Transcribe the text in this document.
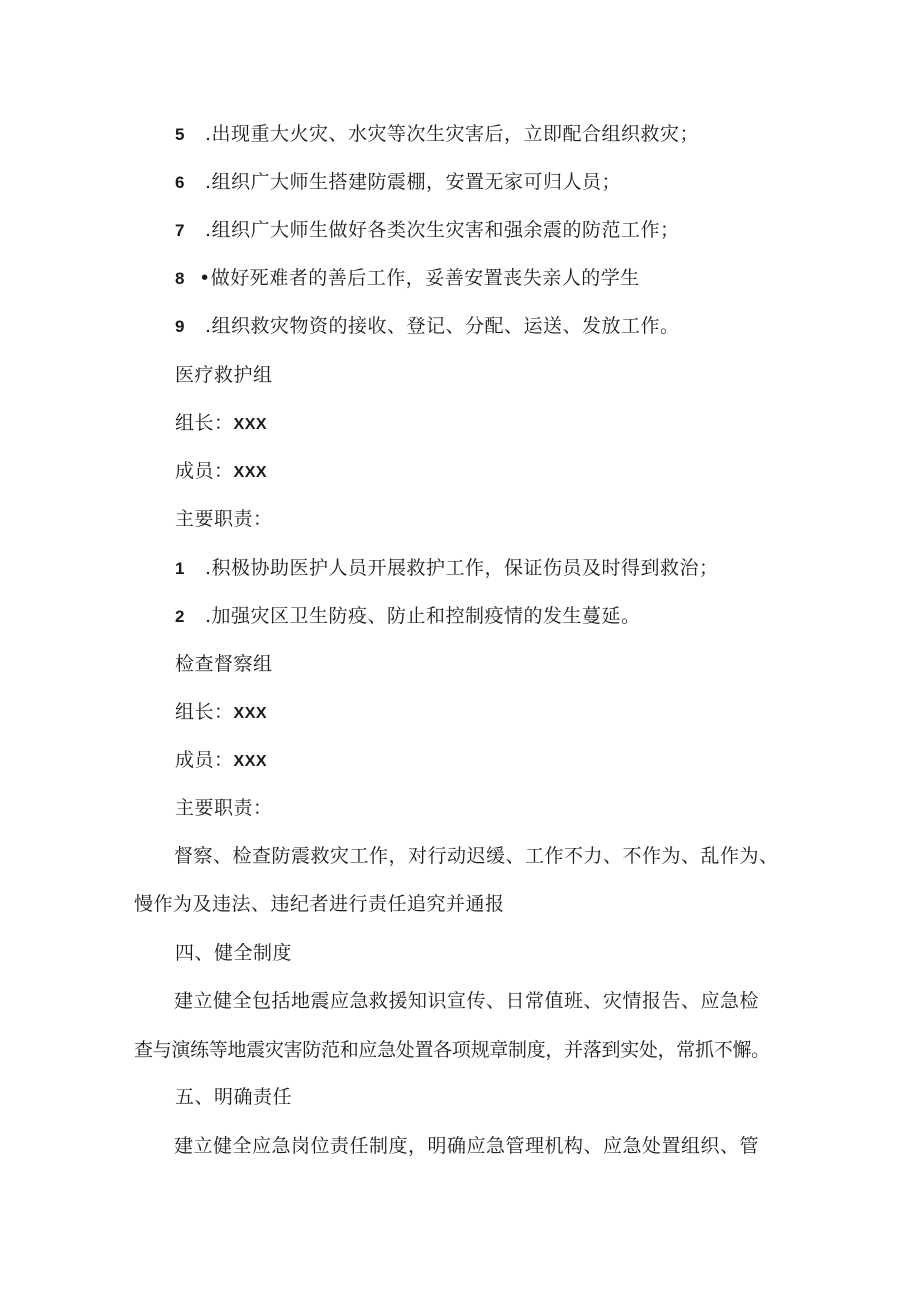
5 .出现重大火灾、水灾等次生灾害后，立即配合组织救灾；
6 .组织广大师生搭建防震棚，安置无家可归人员；
7 .组织广大师生做好各类次生灾害和强余震的防范工作；
8 •做好死难者的善后工作，妥善安置丧失亲人的学生
9 .组织救灾物资的接收、登记、分配、运送、发放工作。
医疗救护组
组长：XXX
成员：XXX
主要职责：
1 .积极协助医护人员开展救护工作，保证伤员及时得到救治；
2 .加强灾区卫生防疫、防止和控制疫情的发生蔓延。
检查督察组
组长：XXX
成员：XXX
主要职责：
督察、检查防震救灾工作，对行动迟缓、工作不力、不作为、乱作为、
慢作为及违法、违纪者进行责任追究并通报
四、健全制度
建立健全包括地震应急救援知识宣传、日常值班、灾情报告、应急检
查与演练等地震灾害防范和应急处置各项规章制度，并落到实处，常抓不懈。
五、明确责任
建立健全应急岗位责任制度，明确应急管理机构、应急处置组织、管
